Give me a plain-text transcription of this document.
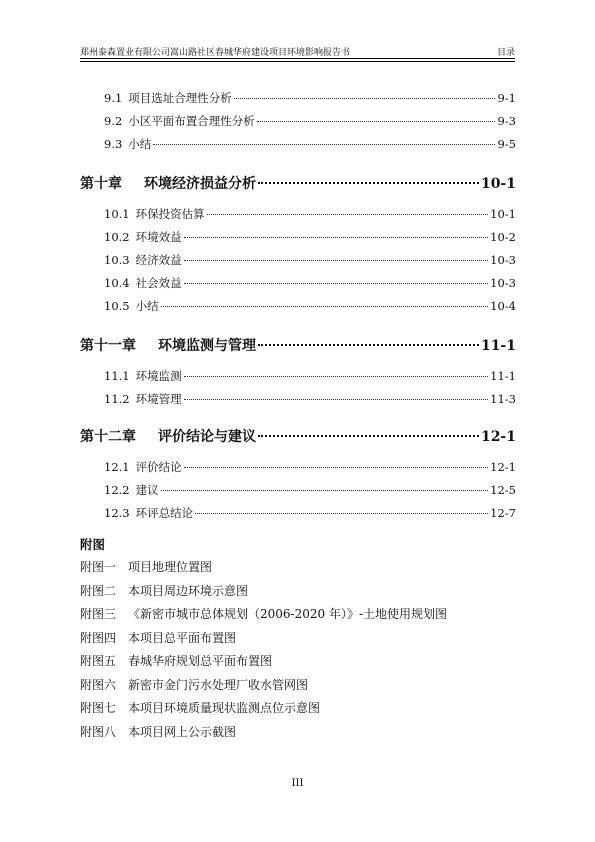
郑州泰森置业有限公司嵩山路社区春城华府建设项目环境影响报告书	目录
9.1 项目选址合理性分析	9-1
9.2 小区平面布置合理性分析	9-3
9.3 小结	9-5
第十章 环境经济损益分析	10-1
10.1 环保投资估算	10-1
10.2 环境效益	10-2
10.3 经济效益	10-3
10.4 社会效益	10-3
10.5 小结	10-4
第十一章 环境监测与管理	11-1
11.1 环境监测	11-1
11.2 环境管理	11-3
第十二章 评价结论与建议	12-1
12.1 评价结论	12-1
12.2 建议	12-5
12.3 环评总结论	12-7
附图
附图一 项目地理位置图
附图二 本项目周边环境示意图
附图三 《新密市城市总体规划（2006-2020 年）》-土地使用规划图
附图四 本项目总平面布置图
附图五 春城华府规划总平面布置图
附图六 新密市金门污水处理厂收水管网图
附图七 本项目环境质量现状监测点位示意图
附图八 本项目网上公示截图
III
